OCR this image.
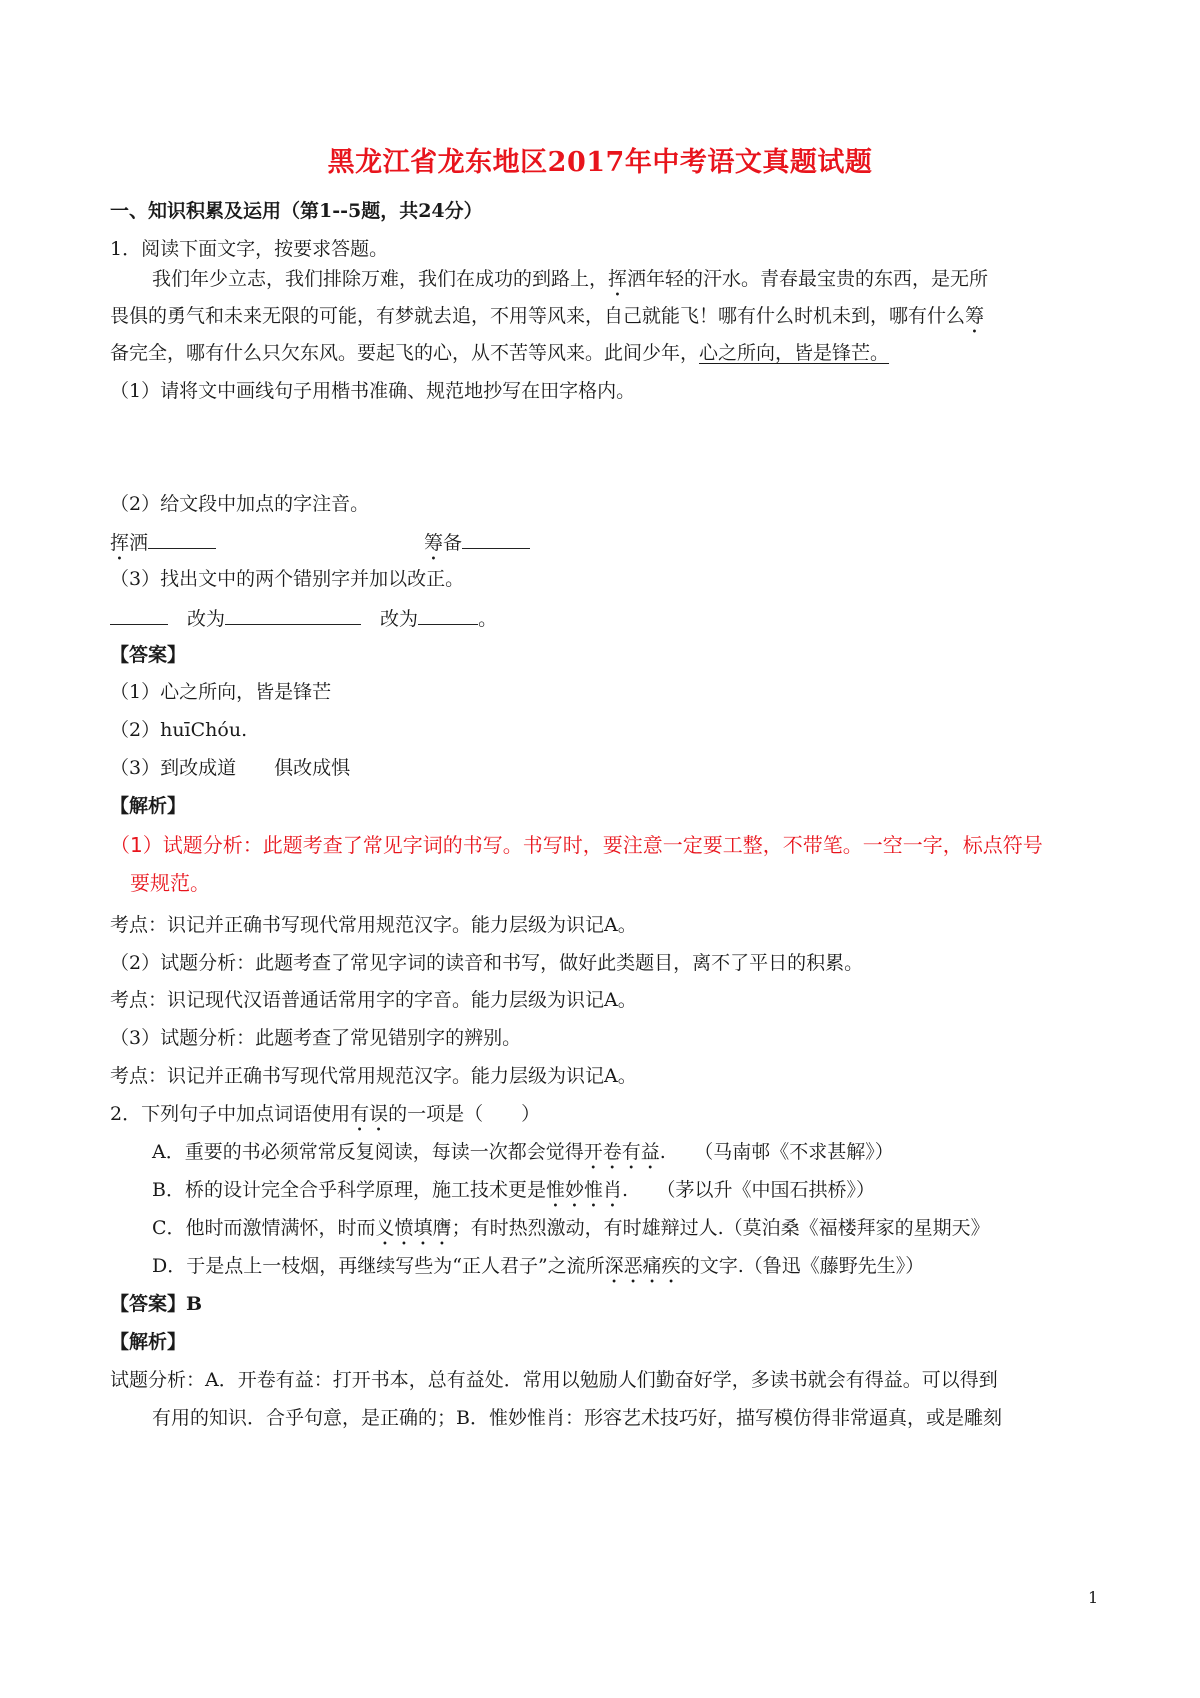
黑龙江省龙东地区2017年中考语文真题试题
一、知识积累及运用（第1--5题，共24分）
1．阅读下面文字，按要求答题。
我们年少立志，我们排除万难，我们在成功的到路上，挥洒年轻的汗水。青春最宝贵的东西，是无所
畏俱的勇气和未来无限的可能，有梦就去追，不用等风来，自己就能飞！哪有什么时机未到，哪有什么筹
备完全，哪有什么只欠东风。要起飞的心，从不苦等风来。此间少年，心之所向，皆是锋芒。
（1）请将文中画线句子用楷书准确、规范地抄写在田字格内。
（2）给文段中加点的字注音。
挥洒	筹备
（3）找出文中的两个错别字并加以改正。
　改为　	改为	。
【答案】
（1）心之所向，皆是锋芒
（2）huīChóu.
（3）到改成道　　俱改成惧
【解析】
（1）试题分析：此题考查了常见字词的书写。书写时，要注意一定要工整，不带笔。一空一字，标点符号
要规范。
考点：识记并正确书写现代常用规范汉字。能力层级为识记A。
（2）试题分析：此题考查了常见字词的读音和书写，做好此类题目，离不了平日的积累。
考点：识记现代汉语普通话常用字的字音。能力层级为识记A。
（3）试题分析：此题考查了常见错别字的辨别。
考点：识记并正确书写现代常用规范汉字。能力层级为识记A。
2．下列句子中加点词语使用有误的一项是（　　）
A．重要的书必须常常反复阅读，每读一次都会觉得开卷有益.　　（马南邨《不求甚解》）
B．桥的设计完全合乎科学原理，施工技术更是惟妙惟肖.　　（茅以升《中国石拱桥》）
C．他时而激情满怀，时而义愤填膺；有时热烈激动，有时雄辩过人.（莫泊桑《福楼拜家的星期天》
D．于是点上一枝烟，再继续写些为“正人君子”之流所深恶痛疾的文字.（鲁迅《藤野先生》）
【答案】B
【解析】
试题分析：A．开卷有益：打开书本，总有益处．常用以勉励人们勤奋好学，多读书就会有得益。可以得到
有用的知识．合乎句意，是正确的；B．惟妙惟肖：形容艺术技巧好，描写模仿得非常逼真，或是雕刻
1
